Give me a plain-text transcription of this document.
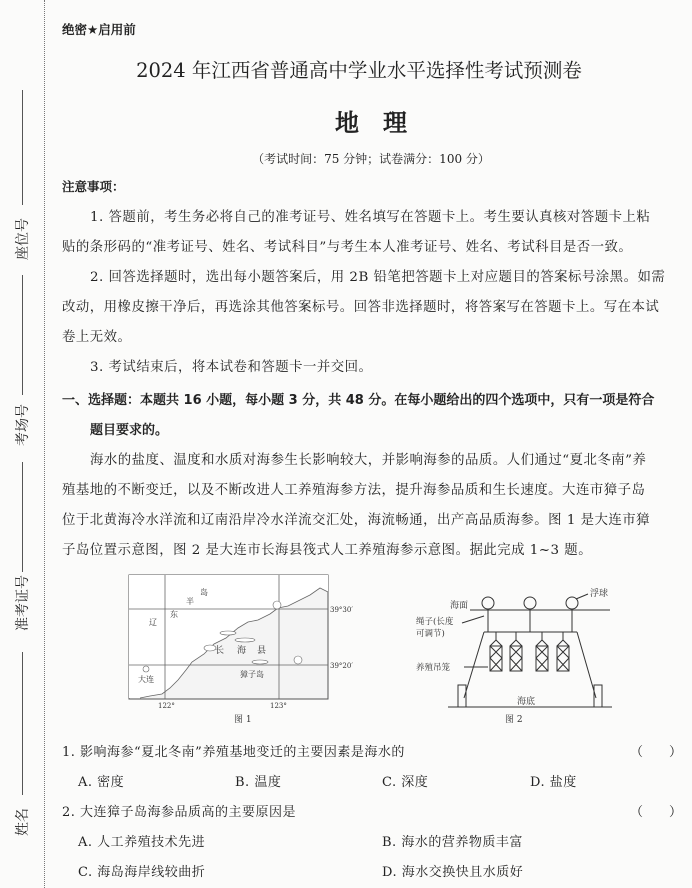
座位号
考场号
准考证号
姓名
绝密★启用前
2024 年江西省普通高中学业水平选择性考试预测卷
地　理
（考试时间：75 分钟；试卷满分：100 分）
注意事项：
1. 答题前，考生务必将自己的准考证号、姓名填写在答题卡上。考生要认真核对答题卡上粘
贴的条形码的“准考证号、姓名、考试科目”与考生本人准考证号、姓名、考试科目是否一致。
2. 回答选择题时，选出每小题答案后，用 2B 铅笔把答题卡上对应题目的答案标号涂黑。如需
改动，用橡皮擦干净后，再选涂其他答案标号。回答非选择题时，将答案写在答题卡上。写在本试
卷上无效。
3. 考试结束后，将本试卷和答题卡一并交回。
一、选择题：本题共 16 小题，每小题 3 分，共 48 分。在每小题给出的四个选项中，只有一项是符合
题目要求的。
海水的盐度、温度和水质对海参生长影响较大，并影响海参的品质。人们通过“夏北冬南”养
殖基地的不断变迁，以及不断改进人工养殖海参方法，提升海参品质和生长速度。大连市獐子岛
位于北黄海冷水洋流和辽南沿岸冷水洋流交汇处，海流畅通，出产高品质海参。图 1 是大连市獐
子岛位置示意图，图 2 是大连市长海县筏式人工养殖海参示意图。据此完成 1~3 题。
岛
半
东
辽
长 海 县
獐子岛
大连
39°30′
39°20′
122°	123°
图 1
海面
浮球
绳子(长度
可调节)
养殖吊笼
海底
图 2
1. 影响海参“夏北冬南”养殖基地变迁的主要因素是海水的	（　　）
A. 密度	B. 温度	C. 深度	D. 盐度
2. 大连獐子岛海参品质高的主要原因是	（　　）
A. 人工养殖技术先进	B. 海水的营养物质丰富
C. 海岛海岸线较曲折	D. 海水交换快且水质好
